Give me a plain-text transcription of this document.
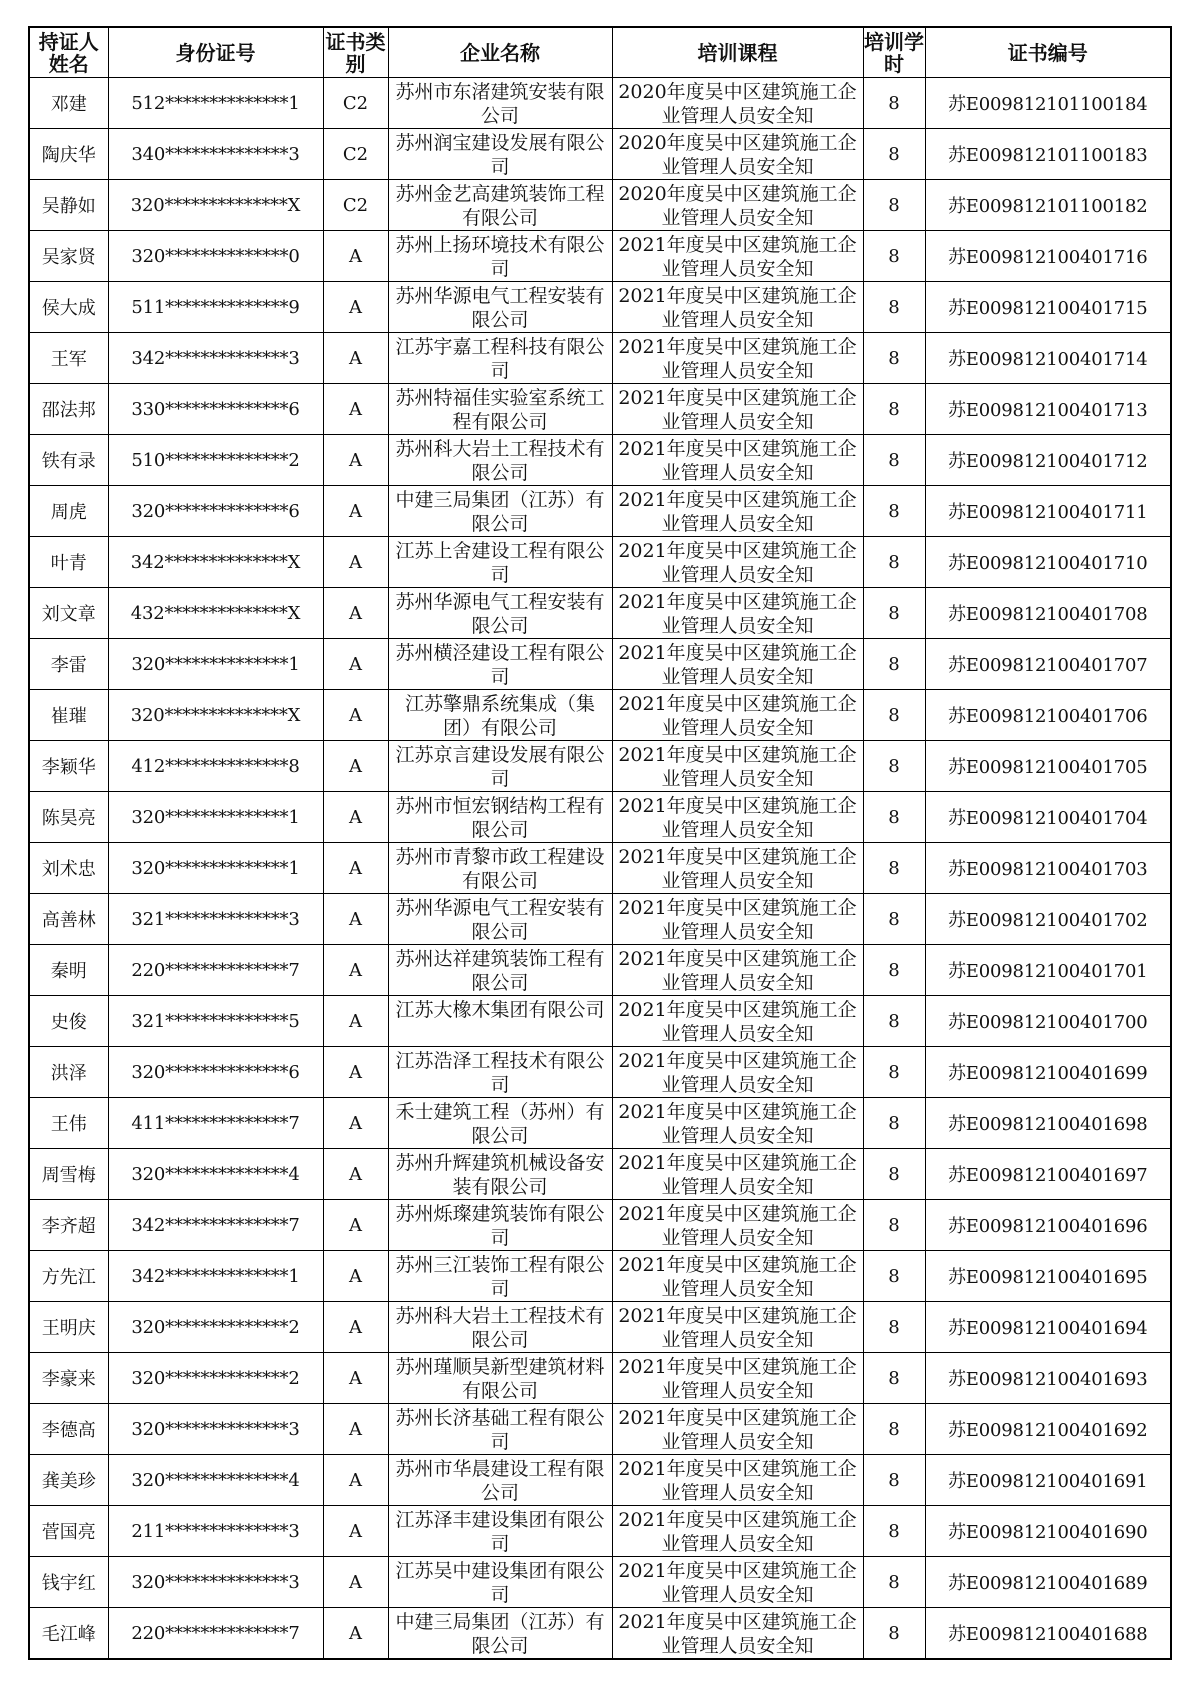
持证人姓名	身份证号	证书类别	企业名称	培训课程	培训学时	证书编号
邓建	512**************1	C2	苏州市东渚建筑安装有限公司	2020年度吴中区建筑施工企业管理人员安全知	8	苏E009812101100184
陶庆华	340**************3	C2	苏州润宝建设发展有限公司	2020年度吴中区建筑施工企业管理人员安全知	8	苏E009812101100183
吴静如	320**************X	C2	苏州金艺高建筑装饰工程有限公司	2020年度吴中区建筑施工企业管理人员安全知	8	苏E009812101100182
吴家贤	320**************0	A	苏州上扬环境技术有限公司	2021年度吴中区建筑施工企业管理人员安全知	8	苏E009812100401716
侯大成	511**************9	A	苏州华源电气工程安装有限公司	2021年度吴中区建筑施工企业管理人员安全知	8	苏E009812100401715
王军	342**************3	A	江苏宇嘉工程科技有限公司	2021年度吴中区建筑施工企业管理人员安全知	8	苏E009812100401714
邵法邦	330**************6	A	苏州特福佳实验室系统工程有限公司	2021年度吴中区建筑施工企业管理人员安全知	8	苏E009812100401713
铁有录	510**************2	A	苏州科大岩土工程技术有限公司	2021年度吴中区建筑施工企业管理人员安全知	8	苏E009812100401712
周虎	320**************6	A	中建三局集团（江苏）有限公司	2021年度吴中区建筑施工企业管理人员安全知	8	苏E009812100401711
叶青	342**************X	A	江苏上舍建设工程有限公司	2021年度吴中区建筑施工企业管理人员安全知	8	苏E009812100401710
刘文章	432**************X	A	苏州华源电气工程安装有限公司	2021年度吴中区建筑施工企业管理人员安全知	8	苏E009812100401708
李雷	320**************1	A	苏州横泾建设工程有限公司	2021年度吴中区建筑施工企业管理人员安全知	8	苏E009812100401707
崔璀	320**************X	A	江苏擎鼎系统集成（集团）有限公司	2021年度吴中区建筑施工企业管理人员安全知	8	苏E009812100401706
李颖华	412**************8	A	江苏京言建设发展有限公司	2021年度吴中区建筑施工企业管理人员安全知	8	苏E009812100401705
陈昊亮	320**************1	A	苏州市恒宏钢结构工程有限公司	2021年度吴中区建筑施工企业管理人员安全知	8	苏E009812100401704
刘术忠	320**************1	A	苏州市青黎市政工程建设有限公司	2021年度吴中区建筑施工企业管理人员安全知	8	苏E009812100401703
高善林	321**************3	A	苏州华源电气工程安装有限公司	2021年度吴中区建筑施工企业管理人员安全知	8	苏E009812100401702
秦明	220**************7	A	苏州达祥建筑装饰工程有限公司	2021年度吴中区建筑施工企业管理人员安全知	8	苏E009812100401701
史俊	321**************5	A	江苏大橡木集团有限公司	2021年度吴中区建筑施工企业管理人员安全知	8	苏E009812100401700
洪泽	320**************6	A	江苏浩泽工程技术有限公司	2021年度吴中区建筑施工企业管理人员安全知	8	苏E009812100401699
王伟	411**************7	A	禾士建筑工程（苏州）有限公司	2021年度吴中区建筑施工企业管理人员安全知	8	苏E009812100401698
周雪梅	320**************4	A	苏州升辉建筑机械设备安装有限公司	2021年度吴中区建筑施工企业管理人员安全知	8	苏E009812100401697
李齐超	342**************7	A	苏州烁璨建筑装饰有限公司	2021年度吴中区建筑施工企业管理人员安全知	8	苏E009812100401696
方先江	342**************1	A	苏州三江装饰工程有限公司	2021年度吴中区建筑施工企业管理人员安全知	8	苏E009812100401695
王明庆	320**************2	A	苏州科大岩土工程技术有限公司	2021年度吴中区建筑施工企业管理人员安全知	8	苏E009812100401694
李豪来	320**************2	A	苏州瑾顺昊新型建筑材料有限公司	2021年度吴中区建筑施工企业管理人员安全知	8	苏E009812100401693
李德高	320**************3	A	苏州长济基础工程有限公司	2021年度吴中区建筑施工企业管理人员安全知	8	苏E009812100401692
龚美珍	320**************4	A	苏州市华晨建设工程有限公司	2021年度吴中区建筑施工企业管理人员安全知	8	苏E009812100401691
菅国亮	211**************3	A	江苏泽丰建设集团有限公司	2021年度吴中区建筑施工企业管理人员安全知	8	苏E009812100401690
钱宇红	320**************3	A	江苏吴中建设集团有限公司	2021年度吴中区建筑施工企业管理人员安全知	8	苏E009812100401689
毛江峰	220**************7	A	中建三局集团（江苏）有限公司	2021年度吴中区建筑施工企业管理人员安全知	8	苏E009812100401688
